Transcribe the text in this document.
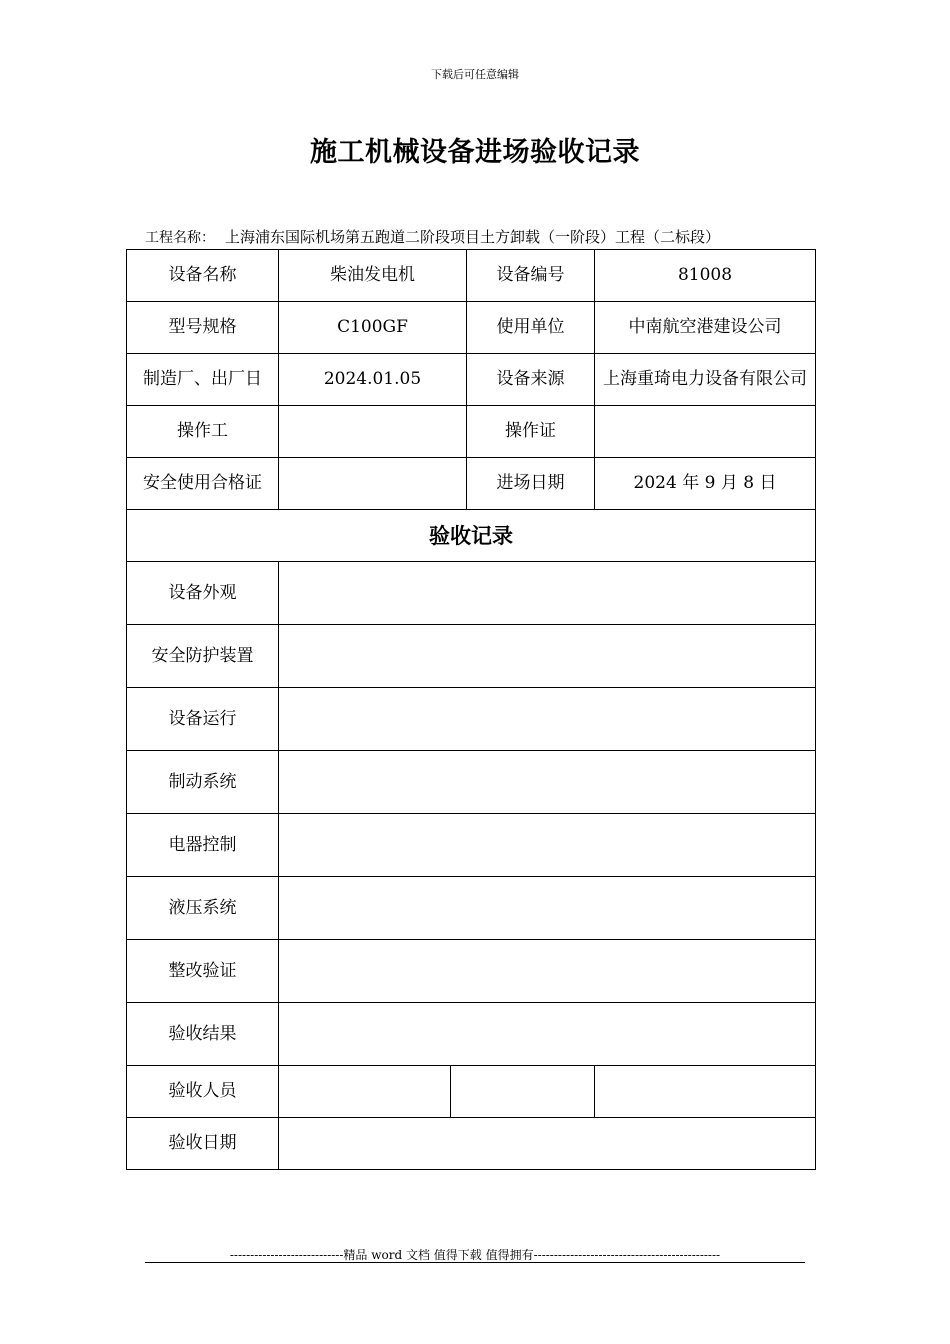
下载后可任意编辑
施工机械设备进场验收记录
工程名称： 上海浦东国际机场第五跑道二阶段项目土方卸载（一阶段）工程（二标段）
设备名称	柴油发电机		设备编号	81008
型号规格	C100GF		使用单位	中南航空港建设公司
制造厂、出厂日	2024.01.05		设备来源	上海重琦电力设备有限公司
操作工			操作证	
安全使用合格证			进场日期	2024 年 9 月 8 日
验收记录				
设备外观				
安全防护装置				
设备运行				
制动系统				
电器控制				
液压系统				
整改验证				
验收结果				
验收人员				
验收日期				
----------------------------精品 word 文档 值得下载 值得拥有----------------------------------------------
